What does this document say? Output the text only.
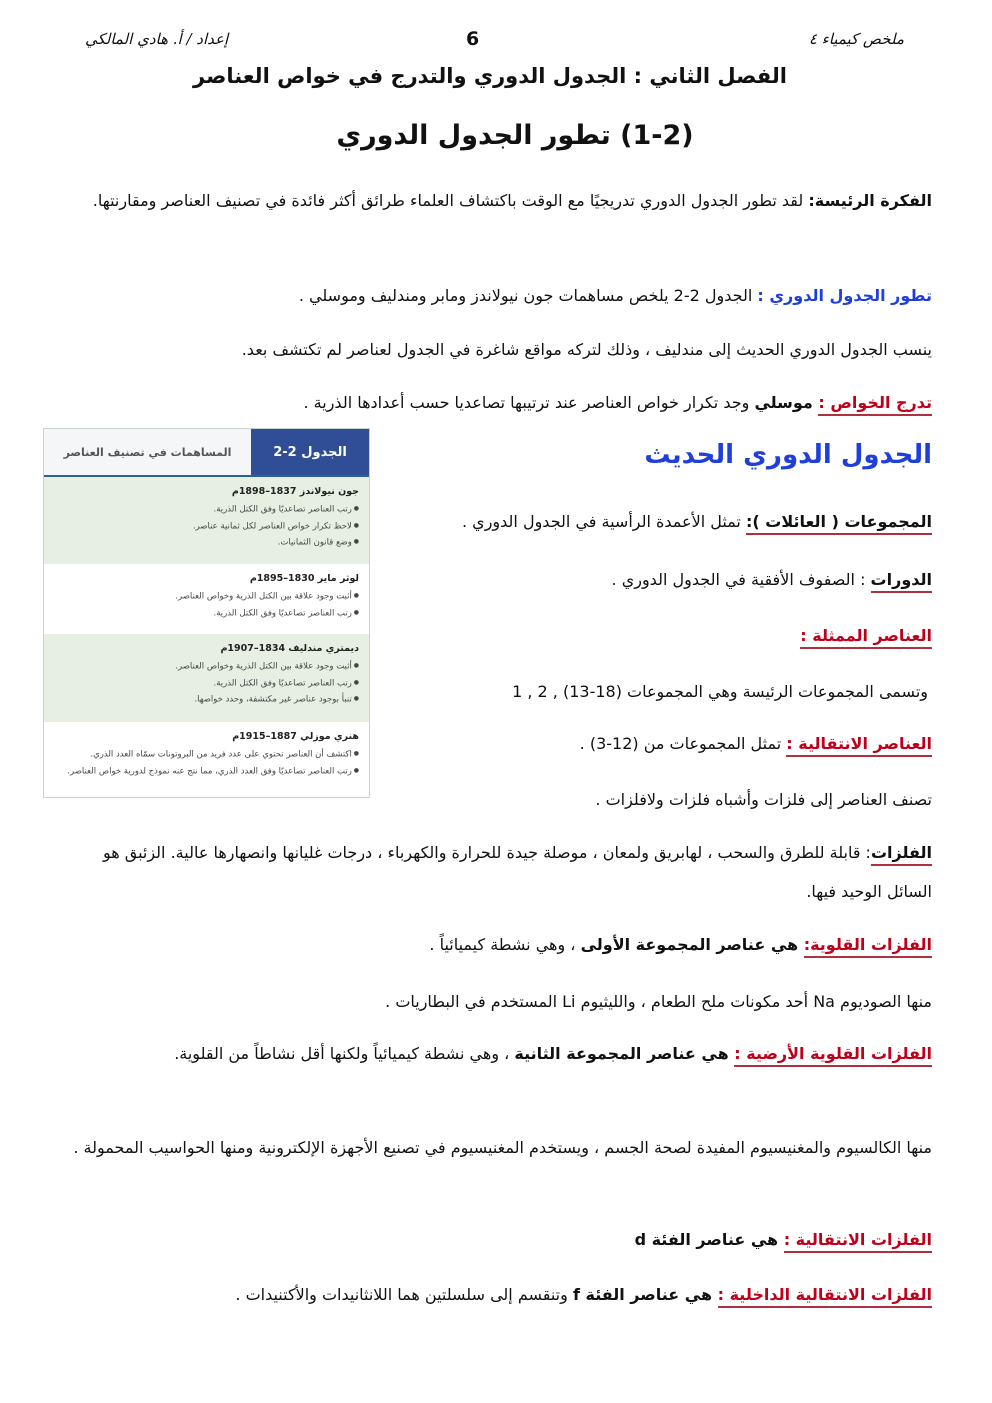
ملخص كيمياء ٤
6
إعداد / أ. هادي المالكي
الفصل الثاني : الجدول الدوري والتدرج في خواص العناصر
(1-2) تطور الجدول الدوري
الفكرة الرئيسة: لقد تطور الجدول الدوري تدريجيًا مع الوقت باكتشاف العلماء طرائق أكثر فائدة في تصنيف العناصر ومقارنتها.
تطور الجدول الدوري : الجدول 2-2 يلخص مساهمات جون نيولاندز ومابر ومندليف وموسلي .
ينسب الجدول الدوري الحديث إلى مندليف ، وذلك لتركه مواقع شاغرة في الجدول لعناصر لم تكتشف بعد.
تدرج الخواص : موسلي وجد تكرار خواص العناصر عند ترتيبها تصاعديا حسب أعدادها الذرية .
الجدول الدوري الحديث
المجموعات ( العائلات ): تمثل الأعمدة الرأسية في الجدول الدوري .
الدورات : الصفوف الأفقية في الجدول الدوري .
العناصر الممثلة :
وتسمى المجموعات الرئيسة وهي المجموعات (18-13) , 2 , 1
العناصر الانتقالية : تمثل المجموعات من (12-3) .
تصنف العناصر إلى فلزات وأشباه فلزات ولافلزات .
الجدول 2-2
المساهمات في تصنيف العناصر
جون نيولاندز 1837–1898م
● رتب العناصر تصاعديًا وفق الكتل الذرية.
● لاحظ تكرار خواص العناصر لكل ثمانية عناصر.
● وضع قانون الثمانيات.
لوثر ماير 1830–1895م
● أثبت وجود علاقة بين الكتل الذرية وخواص العناصر.
● رتب العناصر تصاعديًا وفق الكتل الذرية.
ديمتري مندليف 1834–1907م
● أثبت وجود علاقة بين الكتل الذرية وخواص العناصر.
● رتب العناصر تصاعديًا وفق الكتل الذرية.
● تنبأ بوجود عناصر غير مكتشفة، وحدد خواصها.
هنري موزلي 1887–1915م
● اكتشف أن العناصر تحتوي على عدد فريد من البروتونات سمّاه العدد الذري.
● رتب العناصر تصاعديًا وفق العدد الذري، مما نتج عنه نموذج لدورية خواص العناصر.
الفلزات: قابلة للطرق والسحب ، لهابريق ولمعان ، موصلة جيدة للحرارة والكهرباء ، درجات غليانها وانصهارها عالية. الزئبق هو السائل الوحيد فيها.
الفلزات القلوية: هي عناصر المجموعة الأولى ، وهي نشطة كيميائياً .
منها الصوديوم Na أحد مكونات ملح الطعام ، والليثيوم Li المستخدم في البطاريات .
الفلزات القلوية الأرضية : هي عناصر المجموعة الثانية ، وهي نشطة كيميائياً ولكنها أقل نشاطاً من القلوية.
منها الكالسيوم والمغنيسيوم المفيدة لصحة الجسم ، ويستخدم المغنيسيوم في تصنيع الأجهزة الإلكترونية ومنها الحواسيب المحمولة .
الفلزات الانتقالية : هي عناصر الفئة d
الفلزات الانتقالية الداخلية : هي عناصر الفئة f وتنقسم إلى سلسلتين هما اللانثانيدات والأكتنيدات .
